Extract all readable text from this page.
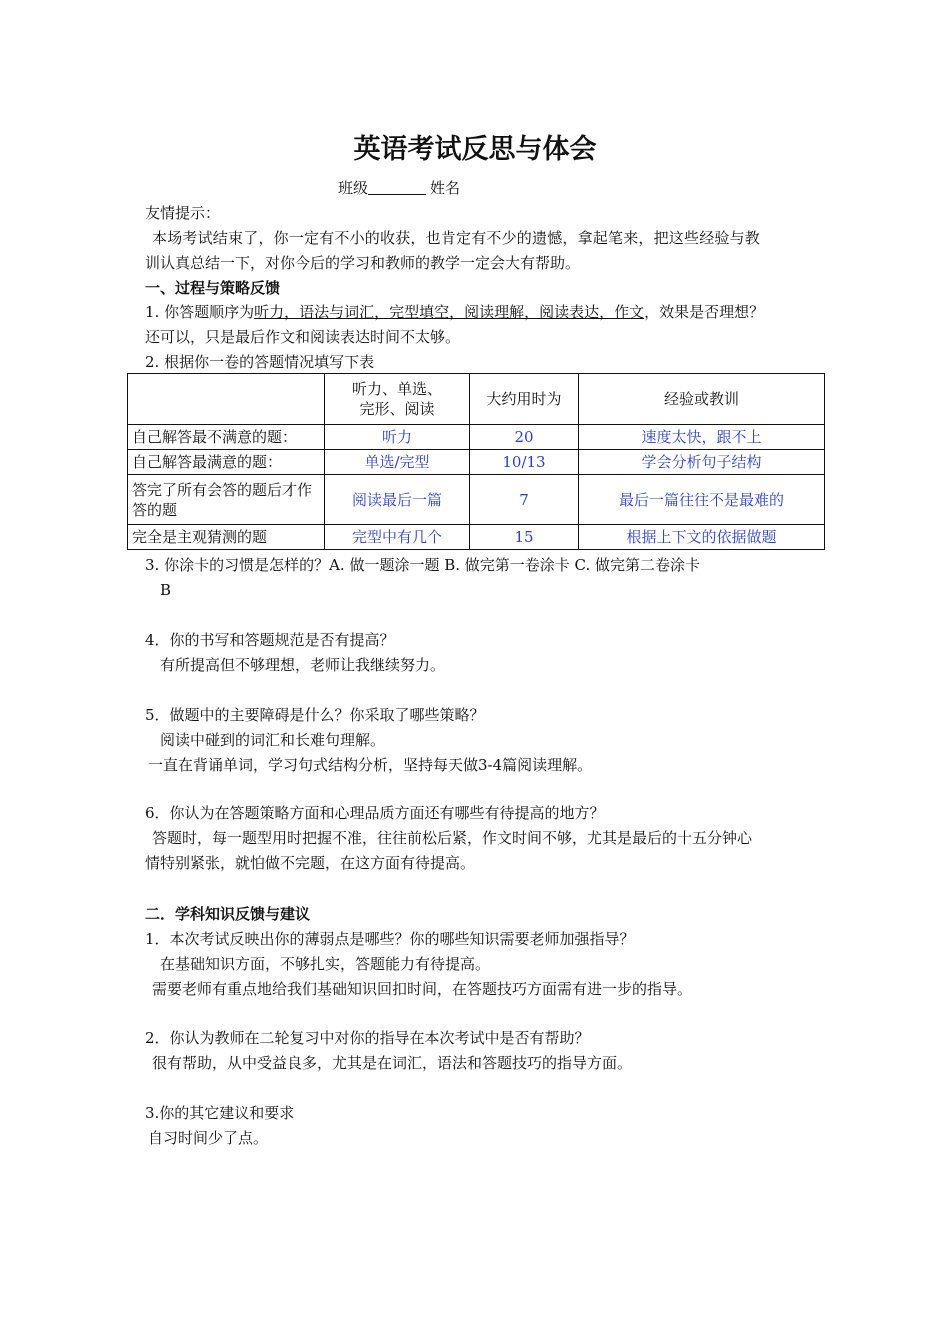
英语考试反思与体会
班级	姓名
友情提示：
本场考试结束了，你一定有不小的收获，也肯定有不少的遗憾，拿起笔来，把这些经验与教
训认真总结一下，对你今后的学习和教师的教学一定会大有帮助。
一、过程与策略反馈
1. 你答题顺序为听力，语法与词汇，完型填空，阅读理解，阅读表达，作文，效果是否理想？
还可以，只是最后作文和阅读表达时间不太够。
2. 根据你一卷的答题情况填写下表
	听力、单选、
完形、阅读	大约用时为	经验或教训
自己解答最不满意的题：	听力	20	速度太快，跟不上
自己解答最满意的题：	单选/完型	10/13	学会分析句子结构
答完了所有会答的题后才作答的题	阅读最后一篇	7	最后一篇往往不是最难的
完全是主观猜测的题	完型中有几个	15	根据上下文的依据做题
3. 你涂卡的习惯是怎样的？A. 做一题涂一题 B. 做完第一卷涂卡 C. 做完第二卷涂卡
B
4．你的书写和答题规范是否有提高？
有所提高但不够理想，老师让我继续努力。
5．做题中的主要障碍是什么？你采取了哪些策略？
阅读中碰到的词汇和长难句理解。
一直在背诵单词，学习句式结构分析，坚持每天做3-4篇阅读理解。
6．你认为在答题策略方面和心理品质方面还有哪些有待提高的地方？
答题时，每一题型用时把握不准，往往前松后紧，作文时间不够，尤其是最后的十五分钟心
情特别紧张，就怕做不完题，在这方面有待提高。
二．学科知识反馈与建议
1．本次考试反映出你的薄弱点是哪些？你的哪些知识需要老师加强指导？
在基础知识方面，不够扎实，答题能力有待提高。
需要老师有重点地给我们基础知识回扣时间，在答题技巧方面需有进一步的指导。
2．你认为教师在二轮复习中对你的指导在本次考试中是否有帮助？
很有帮助，从中受益良多，尤其是在词汇，语法和答题技巧的指导方面。
3.你的其它建议和要求
自习时间少了点。
